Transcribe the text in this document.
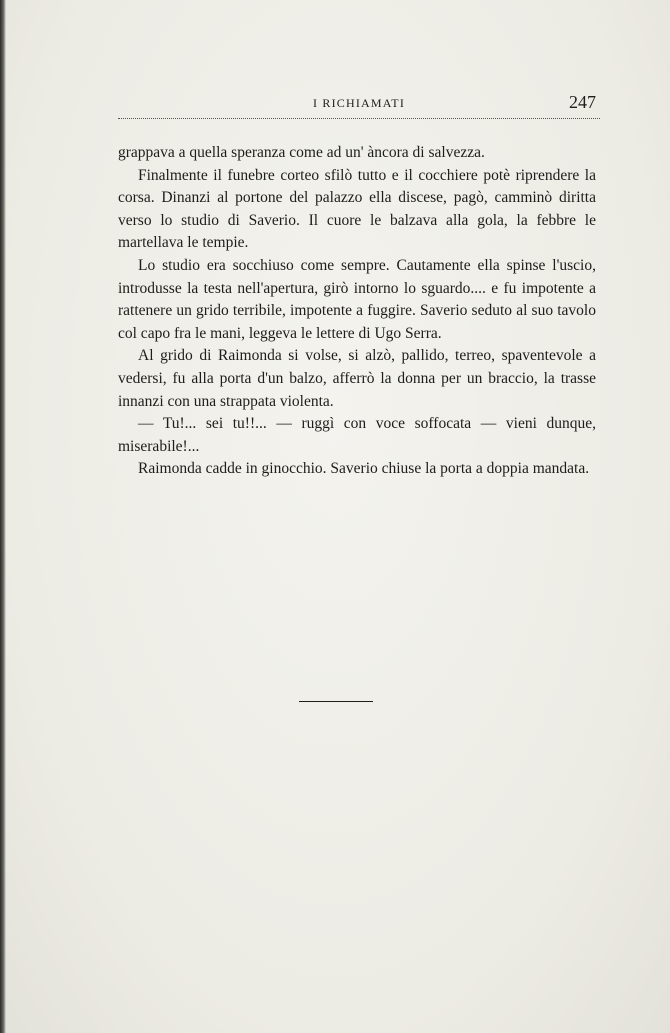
I RICHIAMATI	247

grappava a quella speranza come ad un' àncora di salvezza.

Finalmente il funebre corteo sfilò tutto e il cocchiere potè riprendere la corsa. Dinanzi al portone del palazzo ella discese, pagò, camminò diritta verso lo studio di Saverio. Il cuore le balzava alla gola, la febbre le martellava le tempie.

Lo studio era socchiuso come sempre. Cautamente ella spinse l'uscio, introdusse la testa nell'apertura, girò intorno lo sguardo.... e fu impotente a rattenere un grido terribile, impotente a fuggire. Saverio seduto al suo tavolo col capo fra le mani, leggeva le lettere di Ugo Serra.

Al grido di Raimonda si volse, si alzò, pallido, terreo, spaventevole a vedersi, fu alla porta d'un balzo, afferrò la donna per un braccio, la trasse innanzi con una strappata violenta.

— Tu!... sei tu!!... — ruggì con voce soffocata — vieni dunque, miserabile!...

Raimonda cadde in ginocchio. Saverio chiuse la porta a doppia mandata.
